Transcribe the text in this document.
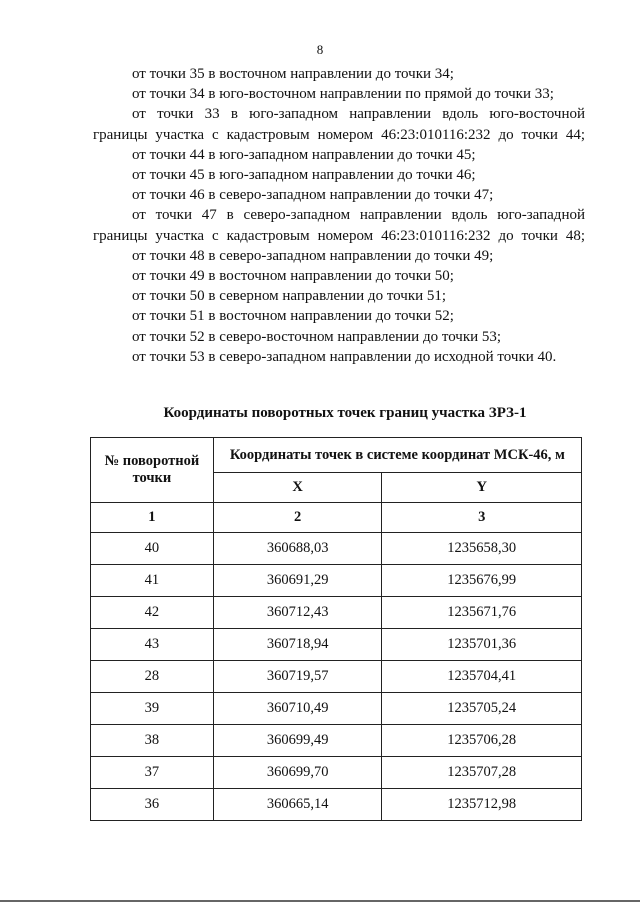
8

от точки 35 в восточном направлении до точки 34;

от точки 34 в юго-восточном направлении по прямой до точки 33;

от точки 33 в юго-западном направлении вдоль юго-восточной границы участка с кадастровым номером 46:23:010116:232 до точки 44;

от точки 44 в юго-западном направлении до точки 45;

от точки 45 в юго-западном направлении до точки 46;

от точки 46 в северо-западном направлении до точки 47;

от точки 47 в северо-западном направлении вдоль юго-западной границы участка с кадастровым номером 46:23:010116:232 до точки 48;

от точки 48 в северо-западном направлении до точки 49;

от точки 49 в восточном направлении до точки 50;

от точки 50 в северном направлении до точки 51;

от точки 51 в восточном направлении до точки 52;

от точки 52 в северо-восточном направлении до точки 53;

от точки 53 в северо-западном направлении до исходной точки 40.

Координаты поворотных точек границ участка ЗРЗ-1
№ поворотной точки	Координаты точек в системе координат МСК-46, м	
	X	Y
1	2	3
40	360688,03	1235658,30
41	360691,29	1235676,99
42	360712,43	1235671,76
43	360718,94	1235701,36
28	360719,57	1235704,41
39	360710,49	1235705,24
38	360699,49	1235706,28
37	360699,70	1235707,28
36	360665,14	1235712,98
